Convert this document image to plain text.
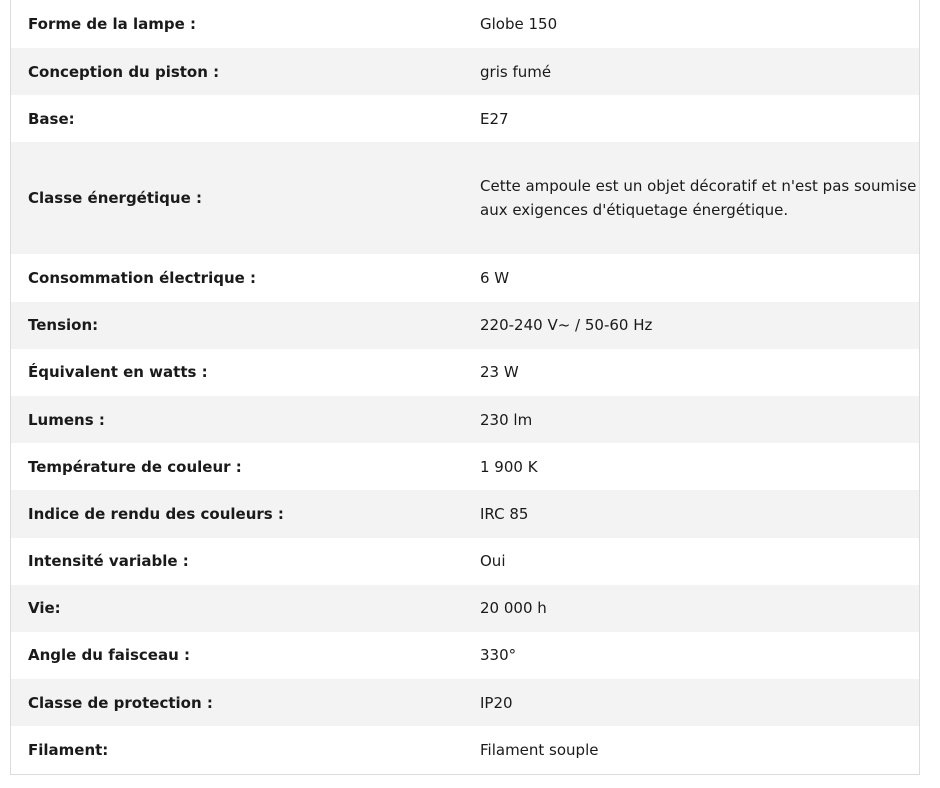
Forme de la lampe :	Globe 150
Conception du piston :	gris fumé
Base:	E27
Classe énergétique :	Cette ampoule est un objet décoratif et n'est pas soumise aux exigences d'étiquetage énergétique.
Consommation électrique :	6 W
Tension:	220-240 V~ / 50-60 Hz
Équivalent en watts :	23 W
Lumens :	230 lm
Température de couleur :	1 900 K
Indice de rendu des couleurs :	IRC 85
Intensité variable :	Oui
Vie:	20 000 h
Angle du faisceau :	330°
Classe de protection :	IP20
Filament:	Filament souple
